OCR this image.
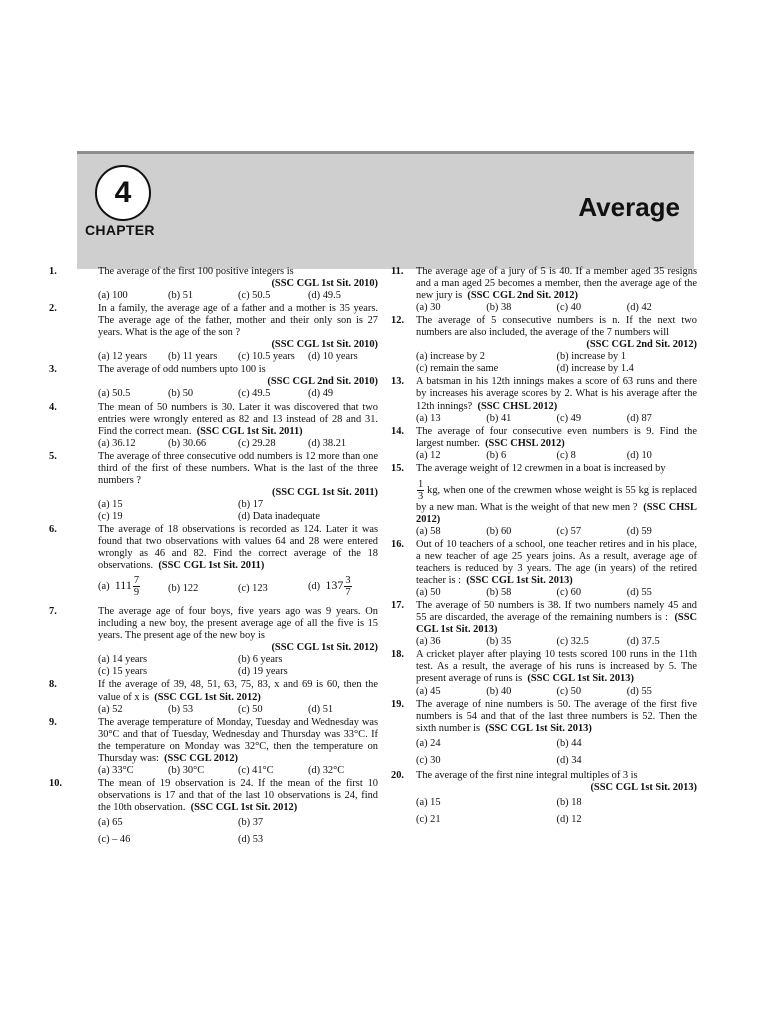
4
CHAPTER
Average
1.	The average of the first 100 positive integers is
(SSC CGL 1st Sit. 2010)
(a) 100	(b) 51	(c) 50.5	(d) 49.5
2.	In a family, the average age of a father and a mother is 35 years. The average age of the father, mother and their only son is 27 years. What is the age of the son ?
(SSC CGL 1st Sit. 2010)
(a) 12 years	(b) 11 years	(c) 10.5 years	(d) 10 years
3.	The average of odd numbers upto 100 is
(SSC CGL 2nd Sit. 2010)
(a) 50.5	(b) 50	(c) 49.5	(d) 49
4.	The mean of 50 numbers is 30. Later it was discovered that two entries were wrongly entered as 82 and 13 instead of 28 and 31. Find the correct mean. (SSC CGL 1st Sit. 2011)
(a) 36.12	(b) 30.66	(c) 29.28	(d) 38.21
5.	The average of three consecutive odd numbers is 12 more than one third of the first of these numbers. What is the last of the three numbers ?
(SSC CGL 1st Sit. 2011)
(a) 15	(b) 17
(c) 19	(d) Data inadequate
6.	The average of 18 observations is recorded as 124. Later it was found that two observations with values 64 and 28 were entered wrongly as 46 and 82. Find the correct average of the 18 observations. (SSC CGL 1st Sit. 2011)
(a) $111 \frac{7}{9}$	(b) 122	(c) 123	(d) $137 \frac{3}{7}$
7.	The average age of four boys, five years ago was 9 years. On including a new boy, the present average age of all the five is 15 years. The present age of the new boy is
(SSC CGL 1st Sit. 2012)
(a) 14 years	(b) 6 years
(c) 15 years	(d) 19 years
8.	If the average of 39, 48, 51, 63, 75, 83, x and 69 is 60, then the value of x is (SSC CGL 1st Sit. 2012)
(a) 52	(b) 53	(c) 50	(d) 51
9.	The average temperature of Monday, Tuesday and Wednesday was 30°C and that of Tuesday, Wednesday and Thursday was 33°C. If the temperature on Monday was 32°C, then the temperature on Thursday was: (SSC CGL 2012)
(a) 33°C	(b) 30°C	(c) 41°C	(d) 32°C
10.	The mean of 19 observation is 24. If the mean of the first 10 observations is 17 and that of the last 10 observations is 24, find the 10th observation. (SSC CGL 1st Sit. 2012)
(a) 65	(b) 37
(c) – 46	(d) 53
11. The average age of a jury of 5 is 40. If a member aged 35 resigns and a man aged 25 becomes a member, then the average age of the new jury is (SSC CGL 2nd Sit. 2012)
(a) 30	(b) 38	(c) 40	(d) 42
12. The average of 5 consecutive numbers is n. If the next two numbers are also included, the average of the 7 numbers will
(SSC CGL 2nd Sit. 2012)
(a) increase by 2	(b) increase by 1
(c) remain the same	(d) increase by 1.4
13. A batsman in his 12th innings makes a score of 63 runs and there by increases his average scores by 2. What is his average after the 12th innings? (SSC CHSL 2012)
(a) 13	(b) 41	(c) 49	(d) 87
14. The average of four consecutive even numbers is 9. Find the largest number. (SSC CHSL 2012)
(a) 12	(b) 6	(c) 8	(d) 10
15. The average weight of 12 crewmen in a boat is increased by
$\frac{1}{3}$ kg, when one of the crewmen whose weight is 55 kg is replaced by a new man. What is the weight of that new men ? (SSC CHSL 2012)
(a) 58	(b) 60	(c) 57	(d) 59
16. Out of 10 teachers of a school, one teacher retires and in his place, a new teacher of age 25 years joins. As a result, average age of teachers is reduced by 3 years. The age (in years) of the retired teacher is : (SSC CGL 1st Sit. 2013)
(a) 50	(b) 58	(c) 60	(d) 55
17. The average of 50 numbers is 38. If two numbers namely 45 and 55 are discarded, the average of the remaining numbers is : (SSC CGL 1st Sit. 2013)
(a) 36	(b) 35	(c) 32.5	(d) 37.5
18. A cricket player after playing 10 tests scored 100 runs in the 11th test. As a result, the average of his runs is increased by 5. The present average of runs is (SSC CGL 1st Sit. 2013)
(a) 45	(b) 40	(c) 50	(d) 55
19. The average of nine numbers is 50. The average of the first five numbers is 54 and that of the last three numbers is 52. Then the sixth number is (SSC CGL 1st Sit. 2013)
(a) 24	(b) 44
(c) 30	(d) 34
20. The average of the first nine integral multiples of 3 is
(SSC CGL 1st Sit. 2013)
(a) 15	(b) 18
(c) 21	(d) 12
